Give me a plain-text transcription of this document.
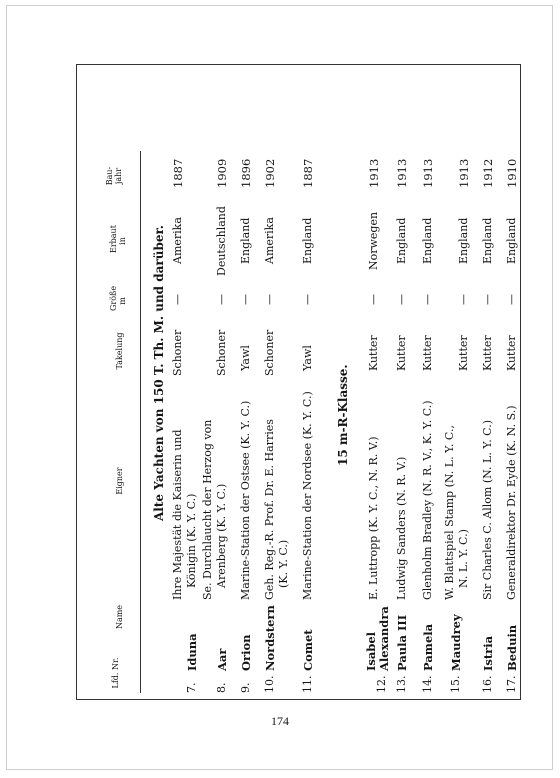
Lfd. Nr.
Name
Eigner
Takelung
Größe m
Erbaut in
Bau-jahr
Alte Yachten von 150 T. Th. M. und darüber.	15 m-R-Klasse.
7.
Iduna
Ihre Majestät die Kaiserin und Königin (K. Y. C.)
Schoner
—
Amerika
1887
8.
Aar
Se. Durchlaucht der Herzog von Arenberg (K. Y. C.)
Schoner
—
Deutschland
1909
9.
Orion
Marine-Station der Ostsee (K. Y. C.)
Yawl
—
England
1896
10.
Nordstern
Geh. Reg.-R. Prof. Dr. E. Harries (K. Y. C.)
Schoner
—
Amerika
1902
11.
Comet
Marine-Station der Nordsee (K. Y. C.)
Yawl
—
England
1887
12.
Isabel Alexandra
E. Luttropp (K. Y. C., N. R. V.)
Kutter
—
Norwegen
1913
13.
Paula III
Ludwig Sanders (N. R. V.)
Kutter
—
England
1913
14.
Pamela
Glenholm Bradley (N. R. V., K. Y. C.)
Kutter
—
England
1913
15.
Maudrey
W. Blattspiel Stamp (N. L. Y. C., N. L. Y. C.)
Kutter
—
England
1913
16.
Istria
Sir Charles C. Allom (N. L. Y. C.)
Kutter
—
England
1912
17.
Beduin
Generaldirektor Dr. Eyde (K. N. S.)
Kutter
—
England
1910
174
